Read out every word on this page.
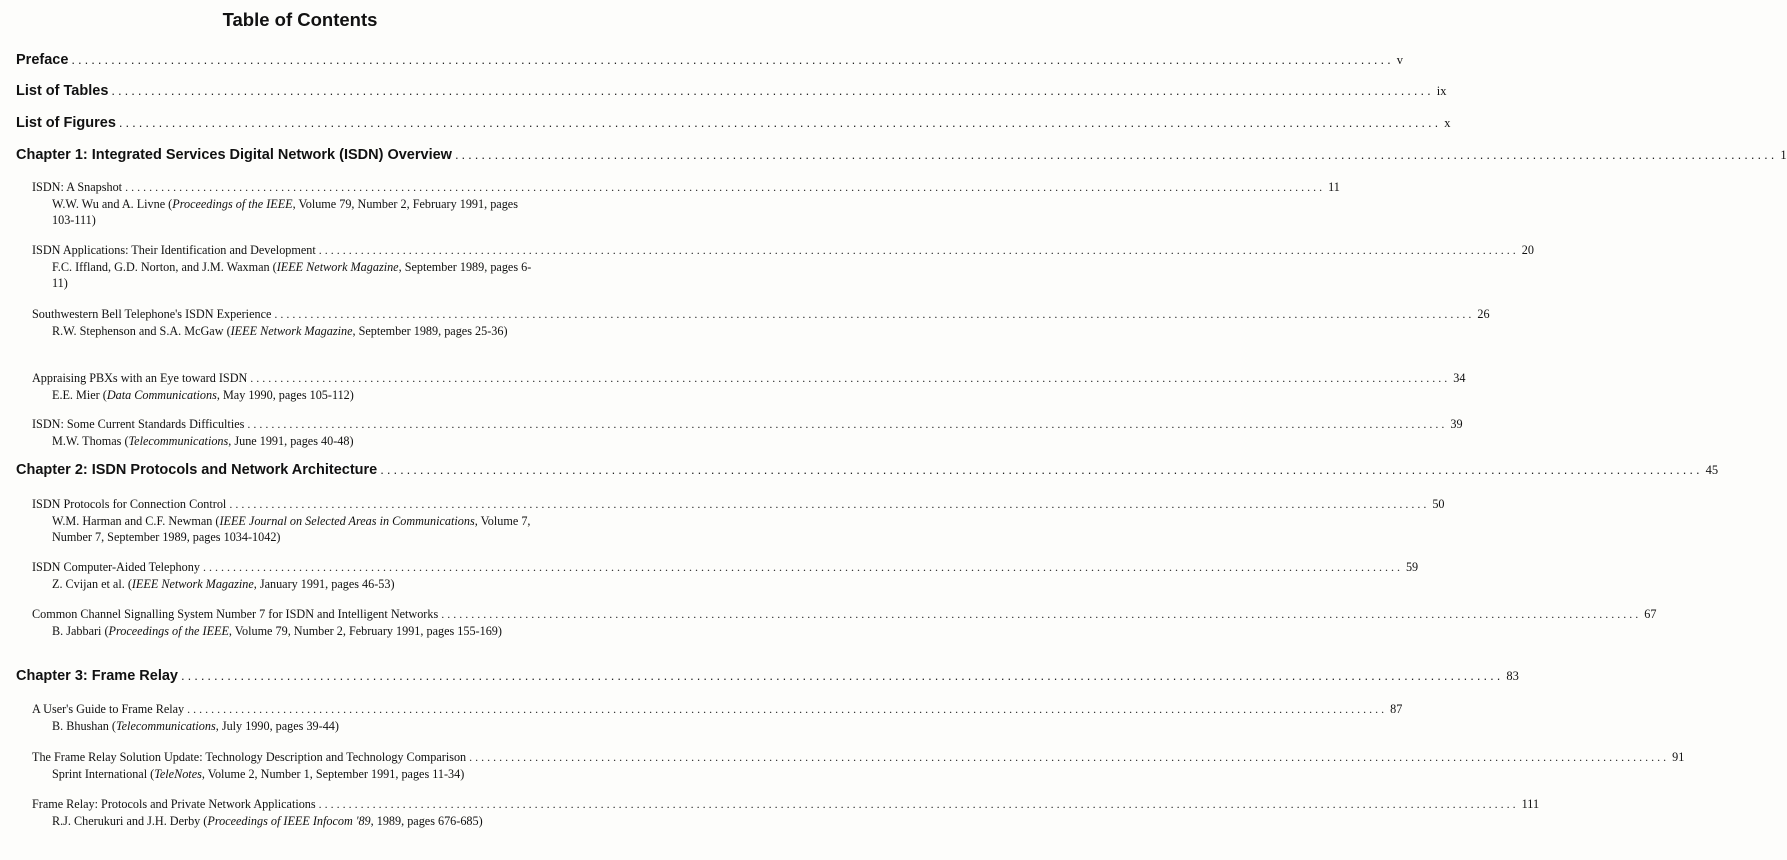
Table of Contents
Preface ........................................................................................................................................................................................................ v
List of Tables ........................................................................................................................................................................................................ ix
List of Figures ........................................................................................................................................................................................................ x
Chapter 1: Integrated Services Digital Network (ISDN) Overview ........................................................................................................................................................................................................ 1
ISDN: A Snapshot ........................................................................................................................................................................................................ 11
W.W. Wu and A. Livne (Proceedings of the IEEE, Volume 79, Number 2, February 1991, pages 103-111)
ISDN Applications: Their Identification and Development ........................................................................................................................................................................................................ 20
F.C. Iffland, G.D. Norton, and J.M. Waxman (IEEE Network Magazine, September 1989, pages 6-11)
Southwestern Bell Telephone's ISDN Experience ........................................................................................................................................................................................................ 26
R.W. Stephenson and S.A. McGaw (IEEE Network Magazine, September 1989, pages 25-36)
Appraising PBXs with an Eye toward ISDN ........................................................................................................................................................................................................ 34
E.E. Mier (Data Communications, May 1990, pages 105-112)
ISDN: Some Current Standards Difficulties ........................................................................................................................................................................................................ 39
M.W. Thomas (Telecommunications, June 1991, pages 40-48)
Chapter 2: ISDN Protocols and Network Architecture ........................................................................................................................................................................................................ 45
ISDN Protocols for Connection Control ........................................................................................................................................................................................................ 50
W.M. Harman and C.F. Newman (IEEE Journal on Selected Areas in Communications, Volume 7, Number 7, September 1989, pages 1034-1042)
ISDN Computer-Aided Telephony ........................................................................................................................................................................................................ 59
Z. Cvijan et al. (IEEE Network Magazine, January 1991, pages 46-53)
Common Channel Signalling System Number 7 for ISDN and Intelligent Networks ........................................................................................................................................................................................................ 67
B. Jabbari (Proceedings of the IEEE, Volume 79, Number 2, February 1991, pages 155-169)
Chapter 3: Frame Relay ........................................................................................................................................................................................................ 83
A User's Guide to Frame Relay ........................................................................................................................................................................................................ 87
B. Bhushan (Telecommunications, July 1990, pages 39-44)
The Frame Relay Solution Update: Technology Description and Technology Comparison ........................................................................................................................................................................................................ 91
Sprint International (TeleNotes, Volume 2, Number 1, September 1991, pages 11-34)
Frame Relay: Protocols and Private Network Applications ........................................................................................................................................................................................................ 111
R.J. Cherukuri and J.H. Derby (Proceedings of IEEE Infocom '89, 1989, pages 676-685)
